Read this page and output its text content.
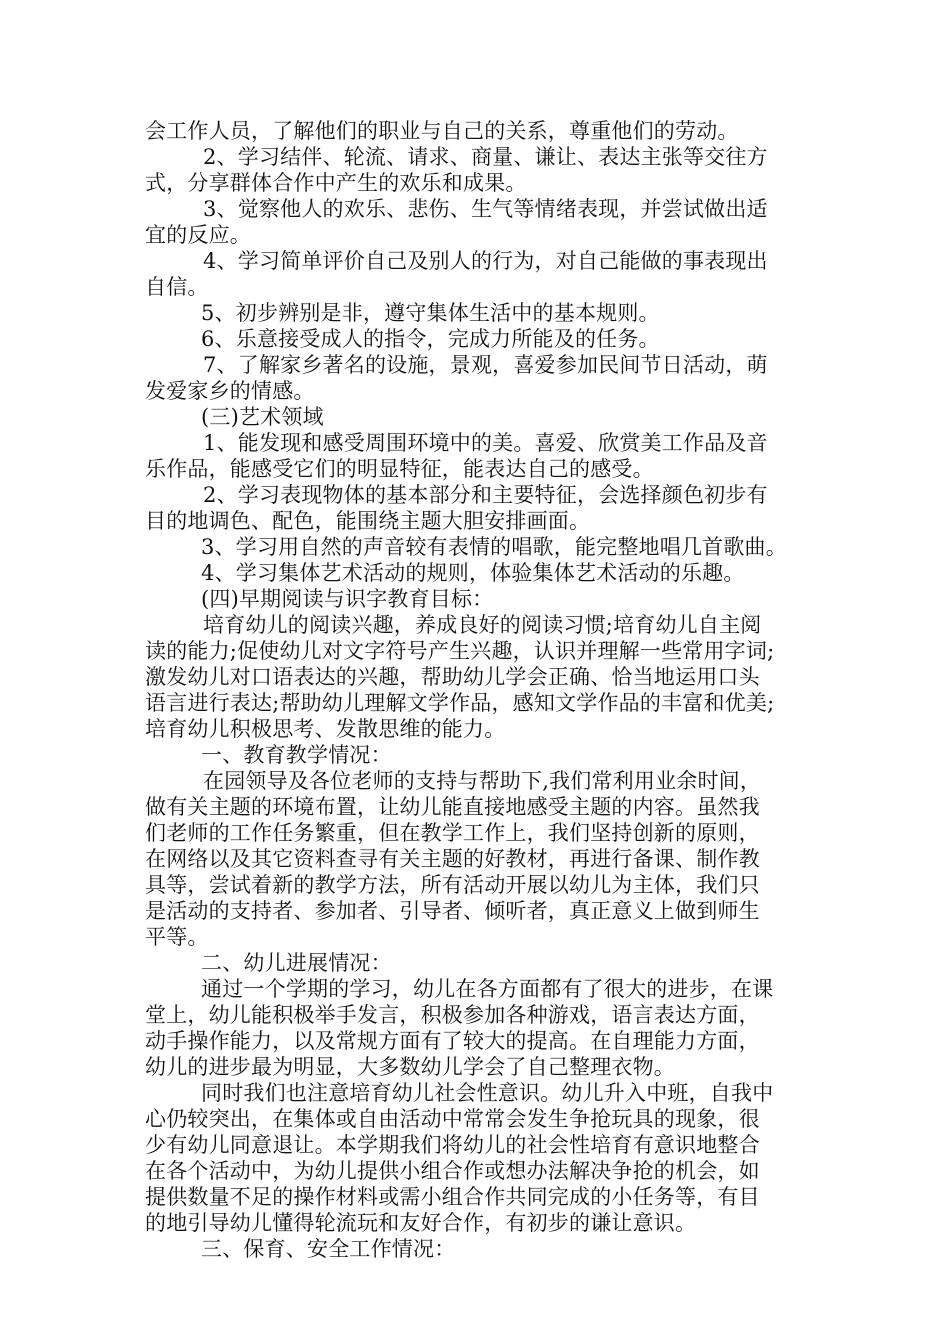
会工作人员，了解他们的职业与自己的关系，尊重他们的劳动。
2、学习结伴、轮流、请求、商量、谦让、表达主张等交往方
式，分享群体合作中产生的欢乐和成果。
3、觉察他人的欢乐、悲伤、生气等情绪表现，并尝试做出适
宜的反应。
4、学习简单评价自己及别人的行为，对自己能做的事表现出
自信。
5、初步辨别是非，遵守集体生活中的基本规则。
6、乐意接受成人的指令，完成力所能及的任务。
7、了解家乡著名的设施，景观，喜爱参加民间节日活动，萌
发爱家乡的情感。
(三)艺术领域
1、能发现和感受周围环境中的美。喜爱、欣赏美工作品及音
乐作品，能感受它们的明显特征，能表达自己的感受。
2、学习表现物体的基本部分和主要特征，会选择颜色初步有
目的地调色、配色，能围绕主题大胆安排画面。
3、学习用自然的声音较有表情的唱歌，能完整地唱几首歌曲。
4、学习集体艺术活动的规则，体验集体艺术活动的乐趣。
(四)早期阅读与识字教育目标：
培育幼儿的阅读兴趣，养成良好的阅读习惯;培育幼儿自主阅
读的能力;促使幼儿对文字符号产生兴趣，认识并理解一些常用字词;
激发幼儿对口语表达的兴趣，帮助幼儿学会正确、恰当地运用口头
语言进行表达;帮助幼儿理解文学作品，感知文学作品的丰富和优美;
培育幼儿积极思考、发散思维的能力。
一、教育教学情况：
在园领导及各位老师的支持与帮助下,我们常利用业余时间，
做有关主题的环境布置，让幼儿能直接地感受主题的内容。虽然我
们老师的工作任务繁重，但在教学工作上，我们坚持创新的原则，
在网络以及其它资料查寻有关主题的好教材，再进行备课、制作教
具等，尝试着新的教学方法，所有活动开展以幼儿为主体，我们只
是活动的支持者、参加者、引导者、倾听者，真正意义上做到师生
平等。
二、幼儿进展情况：
通过一个学期的学习，幼儿在各方面都有了很大的进步，在课
堂上，幼儿能积极举手发言，积极参加各种游戏，语言表达方面，
动手操作能力，以及常规方面有了较大的提高。在自理能力方面，
幼儿的进步最为明显，大多数幼儿学会了自己整理衣物。
同时我们也注意培育幼儿社会性意识。幼儿升入中班，自我中
心仍较突出，在集体或自由活动中常常会发生争抢玩具的现象，很
少有幼儿同意退让。本学期我们将幼儿的社会性培育有意识地整合
在各个活动中，为幼儿提供小组合作或想办法解决争抢的机会，如
提供数量不足的操作材料或需小组合作共同完成的小任务等，有目
的地引导幼儿懂得轮流玩和友好合作，有初步的谦让意识。
三、保育、安全工作情况：
